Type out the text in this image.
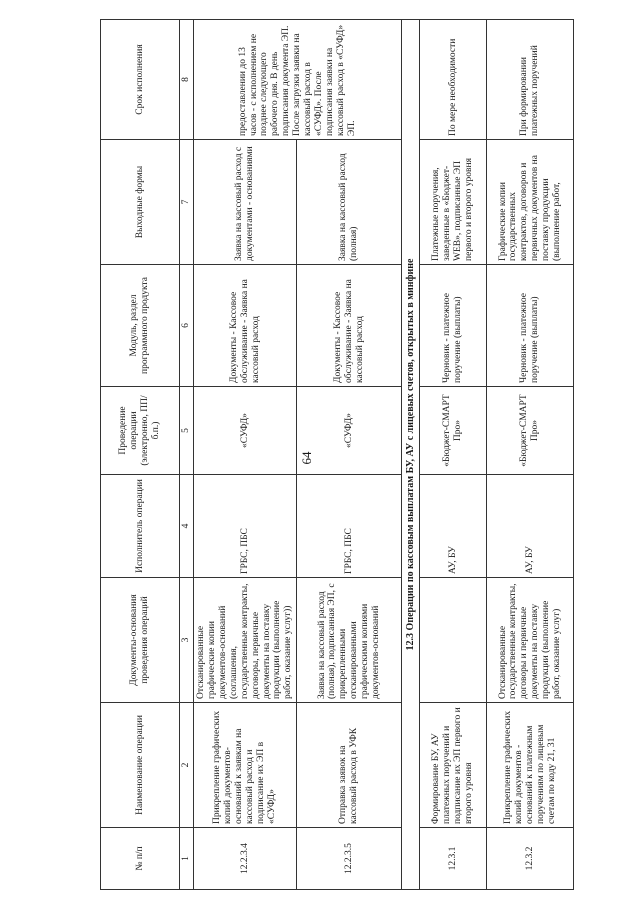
64
№ п/п	Наименование операции	Документы-основания проведения операций	Исполнитель операции	Проведение операции (электронно, ПП/б.п.)	Модуль, раздел программного продукта	Выходные формы	Срок исполнения
1	2	3	4	5	6	7	8
12.2.3.4	Прикрепление графических копий документов-оснований к заявкам на кассовый расход и подписание их ЭП в «СУФД»	Отсканированные графические копии документов-оснований (соглашения, государственные контракты, договоры, первичные документы на поставку продукции (выполнение работ, оказание услуг))	ГРБС, ПБС	«СУФД»	Документы - Кассовое обслуживание - Заявка на кассовый расход	Заявка на кассовый расход с документами - основаниями	предоставлении до 13 часов - с исполнением не позднее следующего рабочего дня. В день подписания документа ЭП. После загрузки заявки на кассовый расход в «СУФД». После подписания заявки на кассовый расход в «СУФД» ЭП.
12.2.3.5	Отправка заявок на кассовый расход в УФК	Заявка на кассовый расход (полная), подписанная ЭП, с прикрепленными отсканированными графическими копиями документов-оснований	ГРБС, ПБС	«СУФД»	Документы - Кассовое обслуживание - Заявка на кассовый расход	Заявка на кассовый расход (полная)	
12.3 Операции по кассовым выплатам БУ, АУ с лицевых счетов, открытых в минфине							
12.3.1	Формирование БУ, АУ платежных поручений и подписание их ЭП первого и второго уровня		АУ, БУ	«Бюджет-СМАРТ Про»	Черновик - платежное поручение (выплаты)	Платежные поручения, заведенные в «Бюджет-WEB», подписанные ЭП первого и второго уровня	По мере необходимости
12.3.2	Прикрепление графических копий документов - оснований к платежным поручениям по лицевым счетам по коду 21, 31	Отсканированные государственные контракты, договоры и первичные документы на поставку продукции (выполнение работ, оказание услуг)	АУ, БУ	«Бюджет-СМАРТ Про»	Черновик - платежное поручение (выплаты)	Графические копии государственных контрактов, договоров и первичных документов на поставку продукции (выполнение работ,	При формировании платежных поручений
